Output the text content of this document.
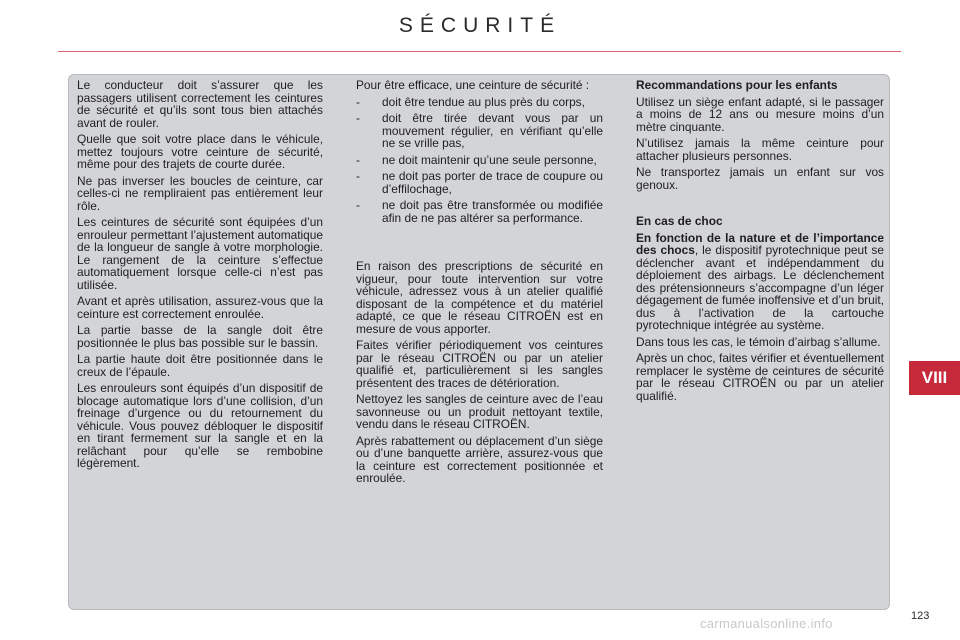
SÉCURITÉ

Le conducteur doit s’assurer que les passagers utilisent correctement les ceintures de sécurité et qu’ils sont tous bien attachés avant de rouler.

Quelle que soit votre place dans le véhicule, mettez toujours votre ceinture de sécurité, même pour des trajets de courte durée.

Ne pas inverser les boucles de ceinture, car celles-ci ne rempliraient pas entièrement leur rôle.

Les ceintures de sécurité sont équipées d’un enrouleur permettant l’ajustement automatique de la longueur de sangle à votre morphologie. Le rangement de la ceinture s’effectue automatiquement lorsque celle-ci n’est pas utilisée.

Avant et après utilisation, assurez-vous que la ceinture est correctement enroulée.

La partie basse de la sangle doit être positionnée le plus bas possible sur le bassin.

La partie haute doit être positionnée dans le creux de l’épaule.

Les enrouleurs sont équipés d’un dispositif de blocage automatique lors d’une collision, d’un freinage d’urgence ou du retournement du véhicule. Vous pouvez débloquer le dispositif en tirant fermement sur la sangle et en la relâchant pour qu’elle se rembobine légèrement.

Pour être efficace, une ceinture de sécurité :

- doit être tendue au plus près du corps,
- doit être tirée devant vous par un mouvement régulier, en vérifiant qu’elle ne se vrille pas,
- ne doit maintenir qu’une seule personne,
- ne doit pas porter de trace de coupure ou d’effilochage,
- ne doit pas être transformée ou modifiée afin de ne pas altérer sa performance.

En raison des prescriptions de sécurité en vigueur, pour toute intervention sur votre véhicule, adressez vous à un atelier qualifié disposant de la compétence et du matériel adapté, ce que le réseau CITROËN est en mesure de vous apporter.

Faites vérifier périodiquement vos ceintures par le réseau CITROËN ou par un atelier qualifié et, particulièrement si les sangles présentent des traces de détérioration.

Nettoyez les sangles de ceinture avec de l’eau savonneuse ou un produit nettoyant textile, vendu dans le réseau CITROËN.

Après rabattement ou déplacement d’un siège ou d’une banquette arrière, assurez-vous que la ceinture est correctement positionnée et enroulée.

Recommandations pour les enfants

Utilisez un siège enfant adapté, si le passager a moins de 12 ans ou mesure moins d’un mètre cinquante.

N’utilisez jamais la même ceinture pour attacher plusieurs personnes.

Ne transportez jamais un enfant sur vos genoux.

En cas de choc

En fonction de la nature et de l’importance des chocs, le dispositif pyrotechnique peut se déclencher avant et indépendamment du déploiement des airbags. Le déclenchement des prétensionneurs s’accompagne d’un léger dégagement de fumée inoffensive et d’un bruit, dus à l’activation de la cartouche pyrotechnique intégrée au système.

Dans tous les cas, le témoin d’airbag s’allume.

Après un choc, faites vérifier et éventuellement remplacer le système de ceintures de sécurité par le réseau CITROËN ou par un atelier qualifié.

VIII
123
carmanualsonline.info
